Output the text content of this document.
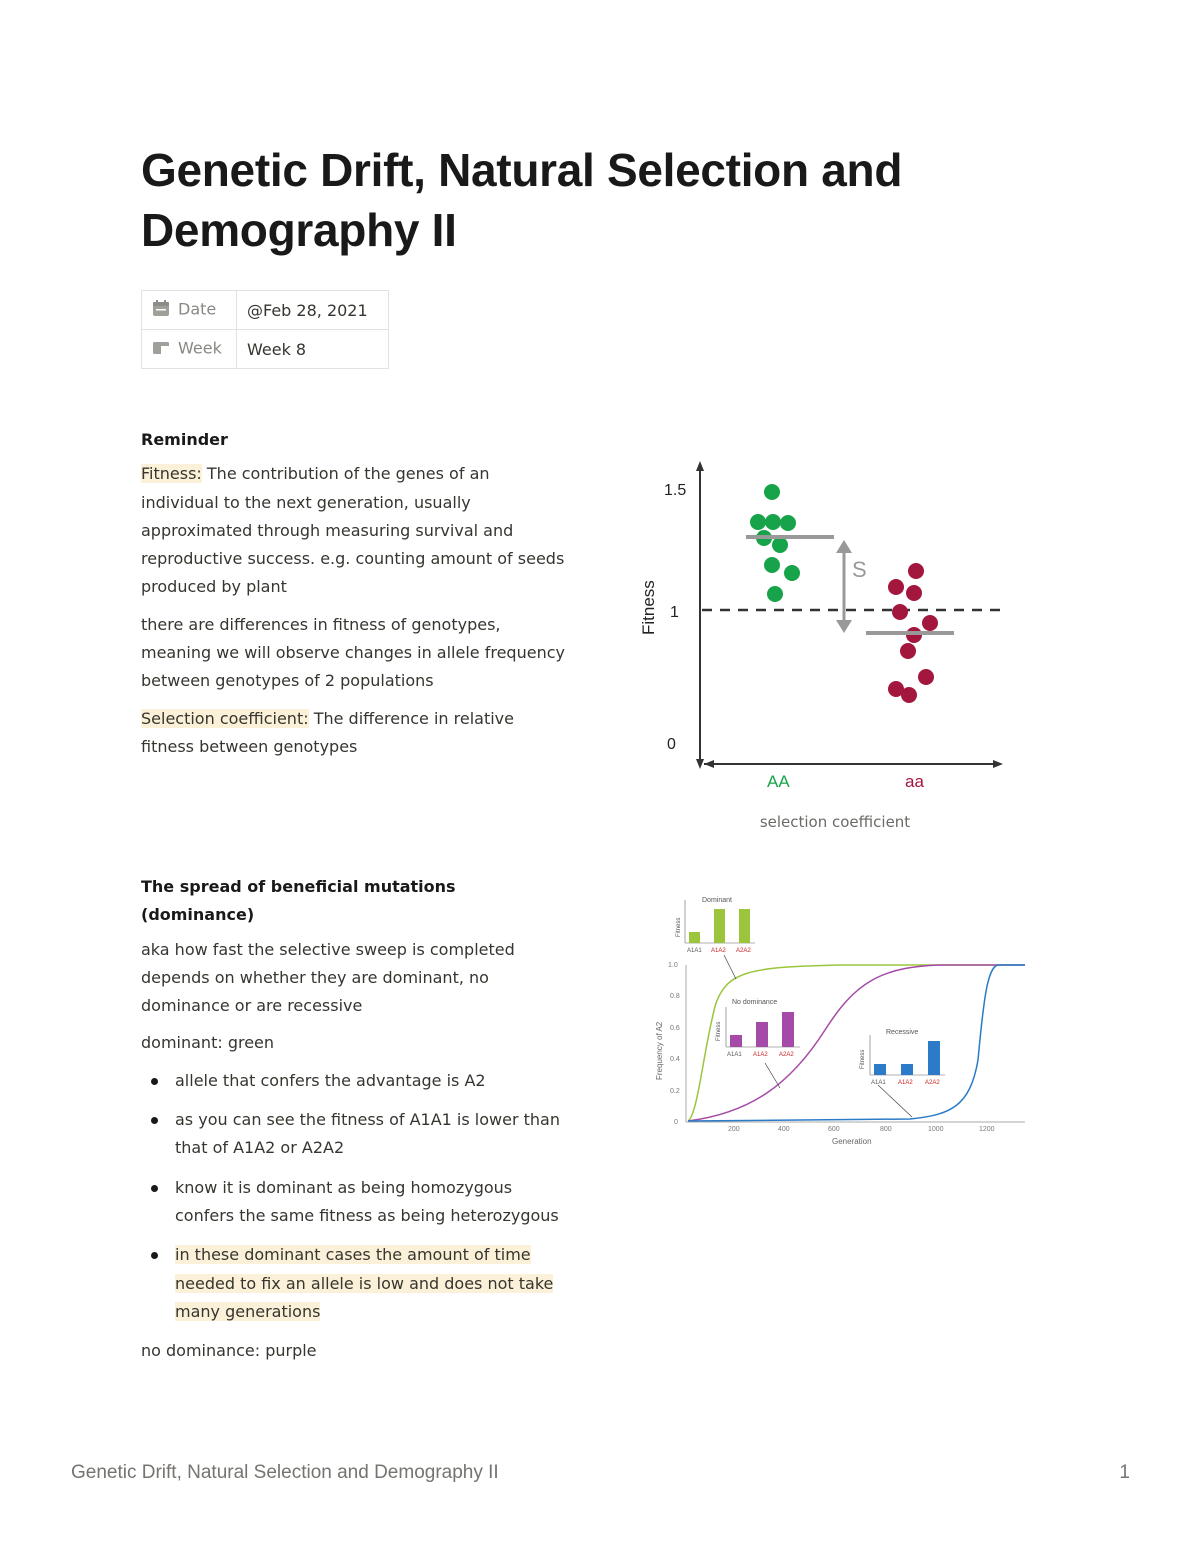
Genetic Drift, Natural Selection and Demography II
Date	@Feb 28, 2021
Week	Week 8

Reminder

Fitness: The contribution of the genes of an individual to the next generation, usually approximated through measuring survival and reproductive success. e.g. counting amount of seeds produced by plant

there are differences in fitness of genotypes, meaning we will observe changes in allele frequency between genotypes of 2 populations

Selection coefficient: The difference in relative fitness between genotypes

1.5
1
0
Fitness
S
AA	aa
selection coefficient

The spread of beneficial mutations (dominance)

aka how fast the selective sweep is completed depends on whether they are dominant, no dominance or are recessive

dominant: green

allele that confers the advantage is A2
as you can see the fitness of A1A1 is lower than that of A1A2 or A2A2
know it is dominant as being homozygous confers the same fitness as being heterozygous
in these dominant cases the amount of time needed to fix an allele is low and does not take many generations

no dominance: purple

0
0.2
0.4
0.6
0.8
1.0
200	400	600	800	1000	1200
Generation
Frequency of A2
Dominant
Fitness
A1A1 A1A2 A2A2
No dominance
Fitness
A1A1 A1A2 A2A2
Recessive
Fitness
A1A1 A1A2 A2A2
Genetic Drift, Natural Selection and Demography II	1
